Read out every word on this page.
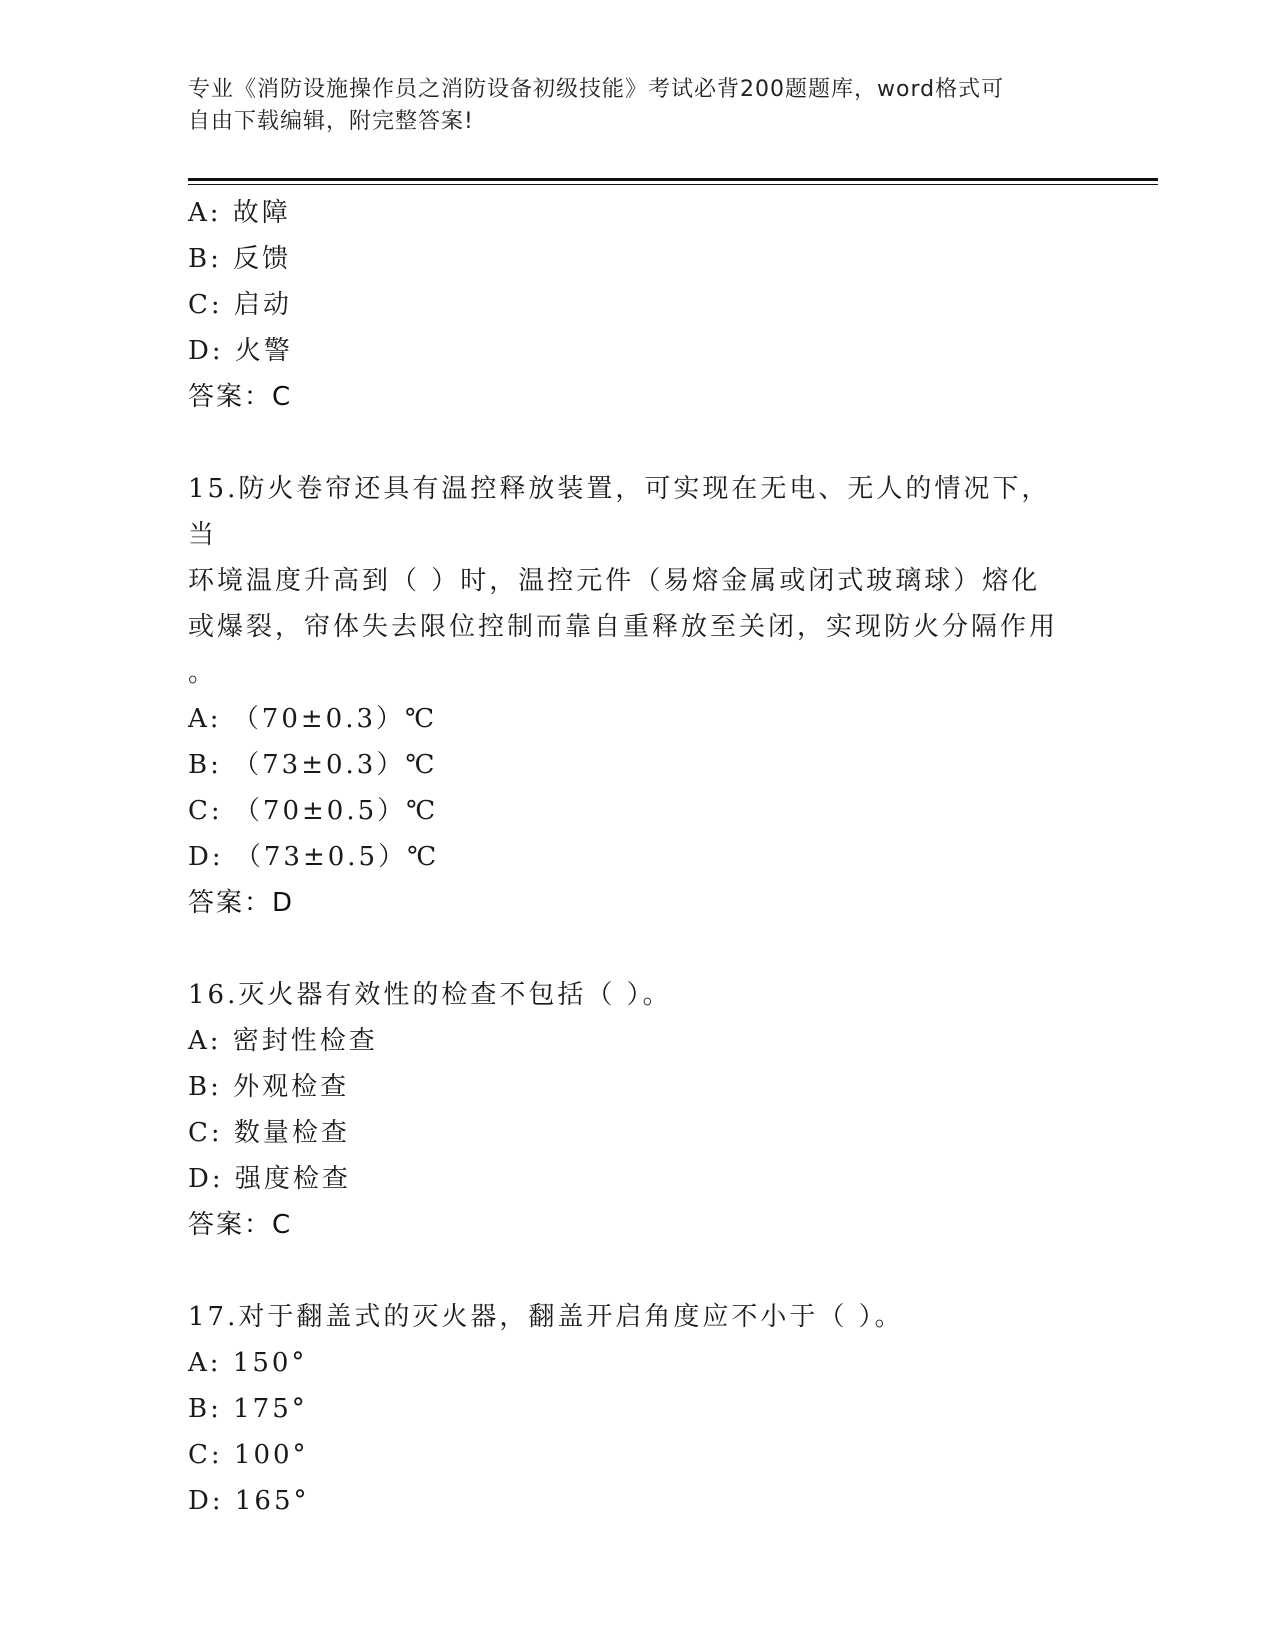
专业《消防设施操作员之消防设备初级技能》考试必背200题题库，word格式可
自由下载编辑，附完整答案!
A: 故障
B: 反馈
C: 启动
D: 火警
答案：C
15.防火卷帘还具有温控释放装置，可实现在无电、无人的情况下，当
环境温度升高到（ ）时，温控元件（易熔金属或闭式玻璃球）熔化
或爆裂，帘体失去限位控制而靠自重释放至关闭，实现防火分隔作用
。
A: （70±0.3）℃
B: （73±0.3）℃
C: （70±0.5）℃
D: （73±0.5）℃
答案：D
16.灭火器有效性的检查不包括（ ）。
A: 密封性检查
B: 外观检查
C: 数量检查
D: 强度检查
答案：C
17.对于翻盖式的灭火器，翻盖开启角度应不小于（ ）。
A: 150°
B: 175°
C: 100°
D: 165°
